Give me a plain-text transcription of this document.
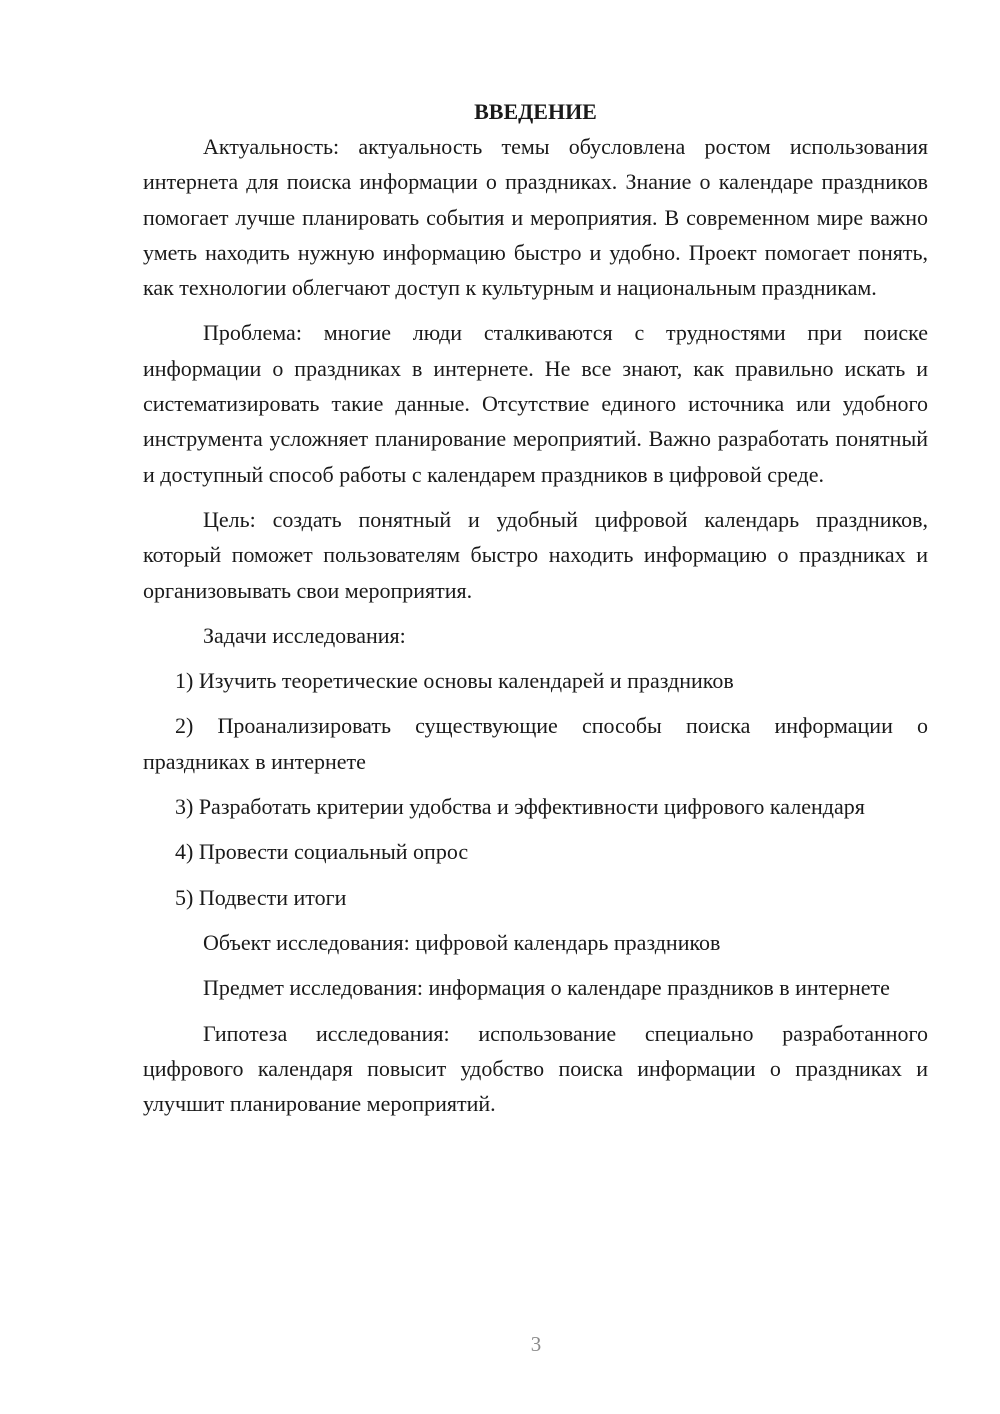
ВВЕДЕНИЕ

Актуальность: актуальность темы обусловлена ростом использования интернета для поиска информации о праздниках. Знание о календаре праздников помогает лучше планировать события и мероприятия. В современном мире важно уметь находить нужную информацию быстро и удобно. Проект помогает понять, как технологии облегчают доступ к культурным и национальным праздникам.

Проблема: многие люди сталкиваются с трудностями при поиске информации о праздниках в интернете. Не все знают, как правильно искать и систематизировать такие данные. Отсутствие единого источника или удобного инструмента усложняет планирование мероприятий. Важно разработать понятный и доступный способ работы с календарем праздников в цифровой среде.

Цель: создать понятный и удобный цифровой календарь праздников, который поможет пользователям быстро находить информацию о праздниках и организовывать свои мероприятия.

Задачи исследования:

1) Изучить теоретические основы календарей и праздников

2) Проанализировать существующие способы поиска информации о праздниках в интернете

3) Разработать критерии удобства и эффективности цифрового календаря

4) Провести социальный опрос

5) Подвести итоги

Объект исследования: цифровой календарь праздников

Предмет исследования: информация о календаре праздников в интернете

Гипотеза исследования: использование специально разработанного цифрового календаря повысит удобство поиска информации о праздниках и улучшит планирование мероприятий.

3
